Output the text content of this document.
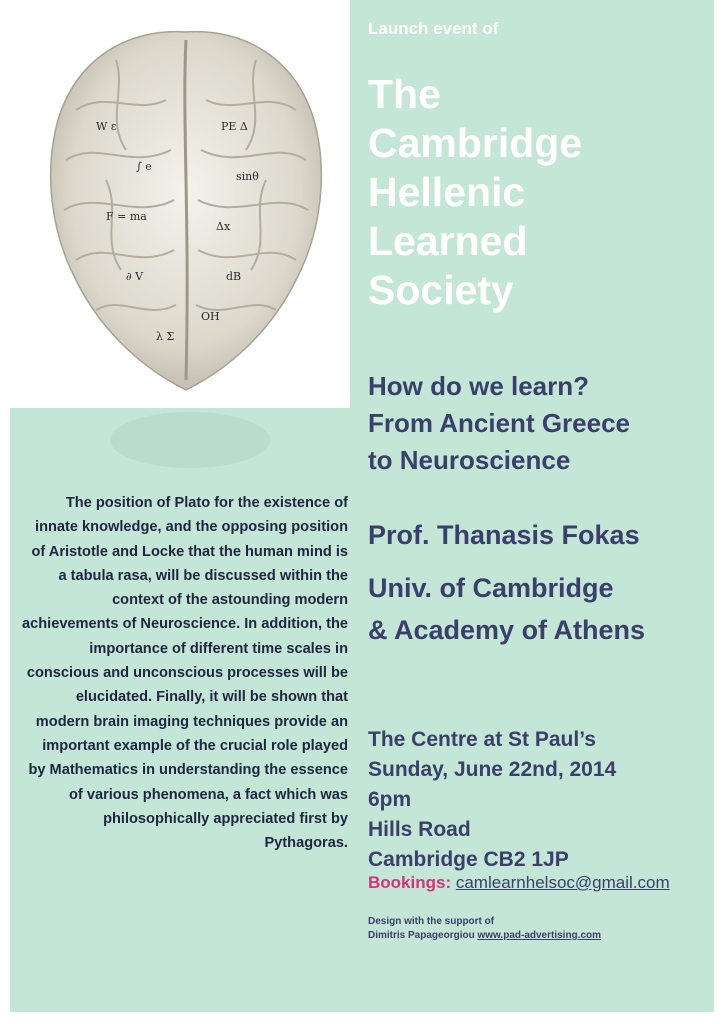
W ε
∫ e
PE Δ
sinθ
F = ma
Δx
∂ V	dB
λ Σ
OH
The position of Plato for the existence of innate knowledge, and the opposing position of Aristotle and Locke that the human mind is a tabula rasa, will be discussed within the context of the astounding modern achievements of Neuroscience. In addition, the importance of different time scales in conscious and unconscious processes will be elucidated. Finally, it will be shown that modern brain imaging techniques provide an important example of the crucial role played by Mathematics in understanding the essence of various phenomena, a fact which was philosophically appreciated first by Pythagoras.
Launch event of
The
Cambridge
Hellenic
Learned
Society
How do we learn?
From Ancient Greece
to Neuroscience
Prof. Thanasis Fokas
Univ. of Cambridge
& Academy of Athens
The Centre at St Paul’s
Sunday, June 22nd, 2014
6pm
Hills Road
Cambridge CB2 1JP
Bookings: camlearnhelsoc@gmail.com
Design with the support of
Dimitris Papageorgiou www.pad-advertising.com
